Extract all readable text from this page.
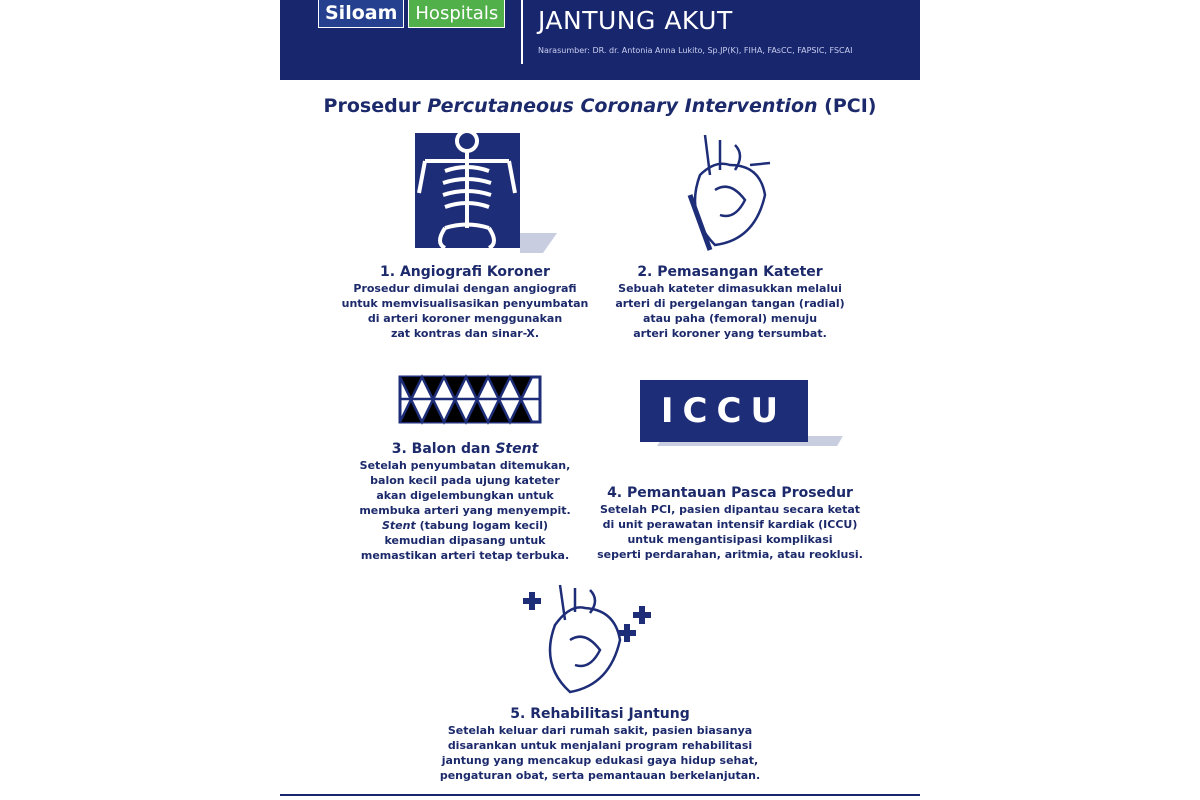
Siloam	Hospitals JANTUNG AKUT
Narasumber: DR. dr. Antonia Anna Lukito, Sp.JP(K), FIHA, FAsCC, FAPSIC, FSCAI
Prosedur Percutaneous Coronary Intervention (PCI)
1. Angiografi Koroner
Prosedur dimulai dengan angiografi
untuk memvisualisasikan penyumbatan
di arteri koroner menggunakan
zat kontras dan sinar-X.
2. Pemasangan Kateter
Sebuah kateter dimasukkan melalui
arteri di pergelangan tangan (radial)
atau paha (femoral) menuju
arteri koroner yang tersumbat.
3. Balon dan Stent
Setelah penyumbatan ditemukan,
balon kecil pada ujung kateter
akan digelembungkan untuk
membuka arteri yang menyempit.
Stent (tabung logam kecil)
kemudian dipasang untuk
memastikan arteri tetap terbuka.
ICCU
4. Pemantauan Pasca Prosedur
Setelah PCI, pasien dipantau secara ketat
di unit perawatan intensif kardiak (ICCU)
untuk mengantisipasi komplikasi
seperti perdarahan, aritmia, atau reoklusi.
5. Rehabilitasi Jantung
Setelah keluar dari rumah sakit, pasien biasanya
disarankan untuk menjalani program rehabilitasi
jantung yang mencakup edukasi gaya hidup sehat,
pengaturan obat, serta pemantauan berkelanjutan.
